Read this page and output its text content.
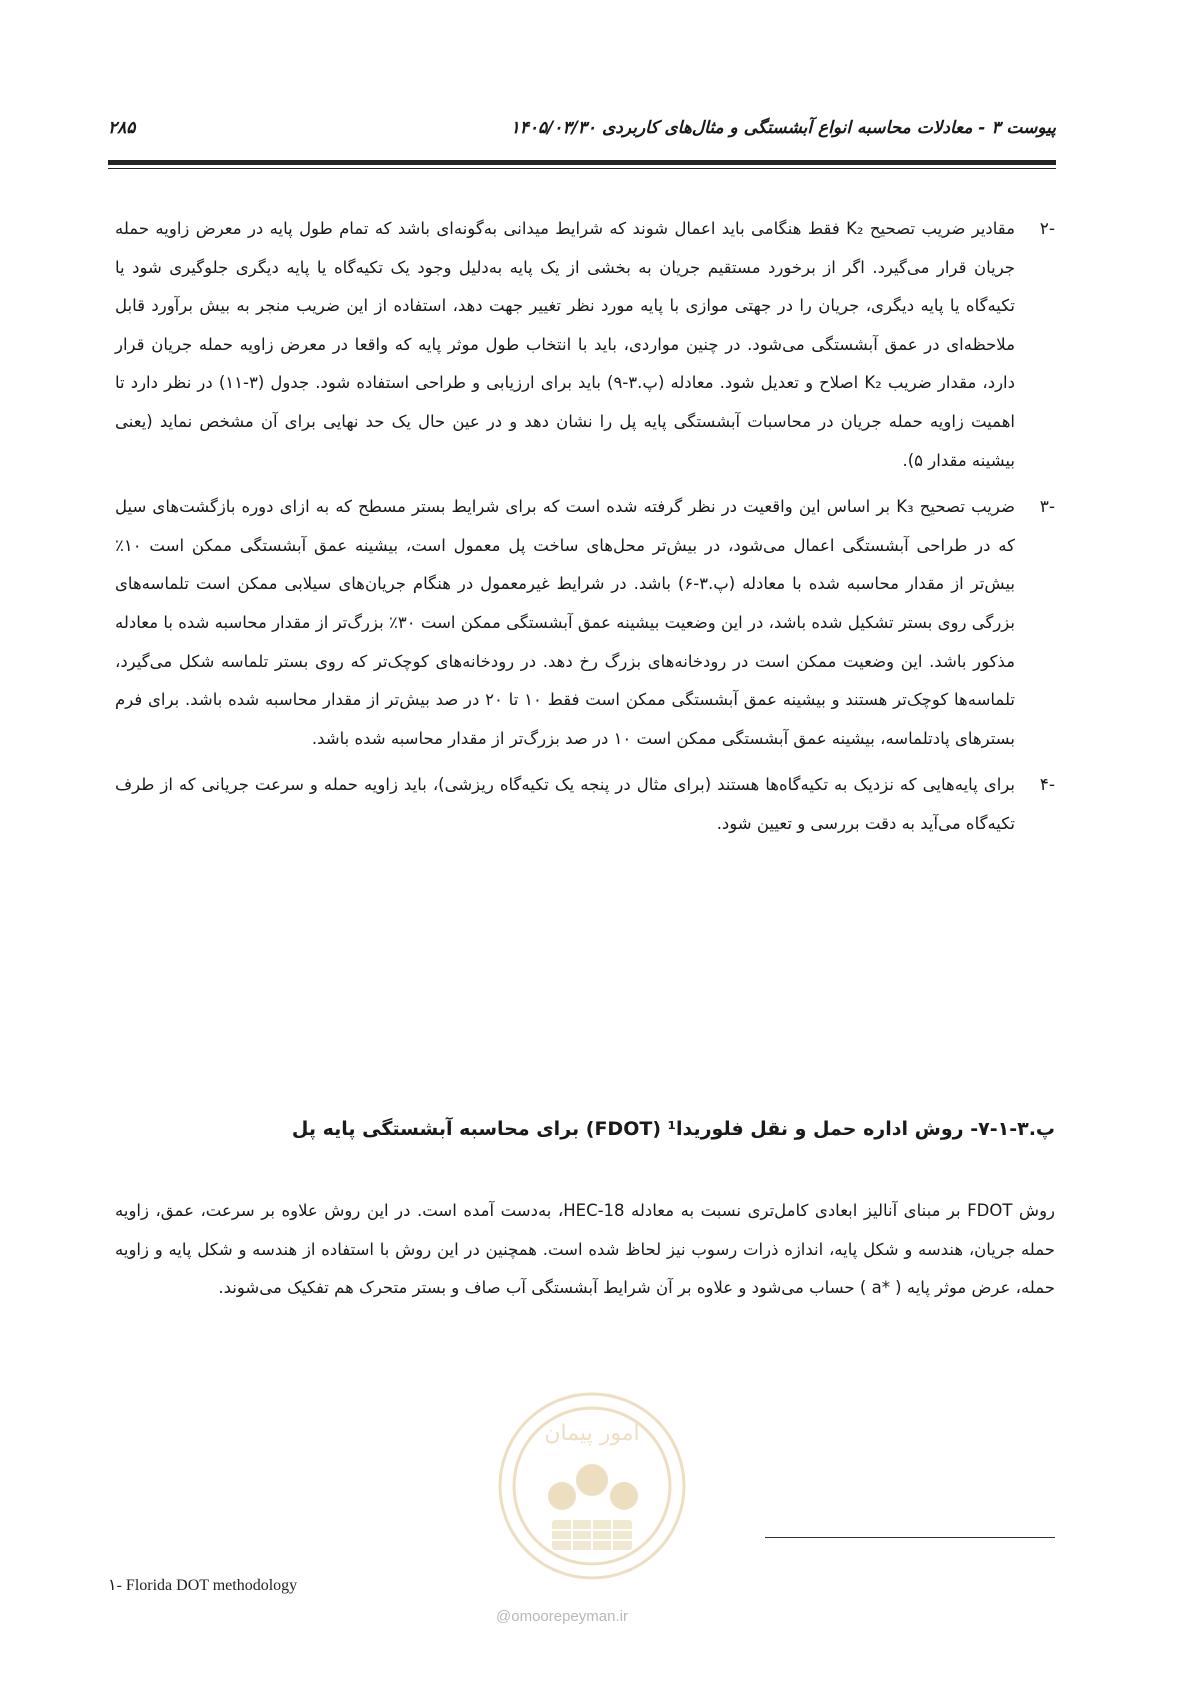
پیوست ۳ - معادلات محاسبه انواع آبشستگی و مثال‌های کاربردی ۱۴۰۵/۰۳/۳۰
۲۸۵
-۲
مقادیر ضریب تصحیح K₂ فقط هنگامی باید اعمال شوند که شرایط میدانی به‌گونه‌ای باشد که تمام طول پایه در معرض زاویه حمله جریان قرار می‌گیرد. اگر از برخورد مستقیم جریان به بخشی از یک پایه به‌دلیل وجود یک تکیه‌گاه یا پایه دیگری جلوگیری شود یا تکیه‌گاه یا پایه دیگری، جریان را در جهتی موازی با پایه مورد نظر تغییر جهت دهد، استفاده از این ضریب منجر به بیش برآورد قابل ملاحظه‌ای در عمق آبشستگی می‌شود. در چنین مواردی، باید با انتخاب طول موثر پایه که واقعا در معرض زاویه حمله جریان قرار دارد، مقدار ضریب K₂ اصلاح و تعدیل شود. معادله (پ.۳-۹) باید برای ارزیابی و طراحی استفاده شود. جدول (۳-۱۱) در نظر دارد تا اهمیت زاویه حمله جریان در محاسبات آبشستگی پایه پل را نشان دهد و در عین حال یک حد نهایی برای آن مشخص نماید (یعنی بیشینه مقدار ۵).
-۳
ضریب تصحیح K₃ بر اساس این واقعیت در نظر گرفته شده است که برای شرایط بستر مسطح که به ازای دوره بازگشت‌های سیل که در طراحی آبشستگی اعمال می‌شود، در بیش‌تر محل‌های ساخت پل معمول است، بیشینه عمق آبشستگی ممکن است ۱۰٪ بیش‌تر از مقدار محاسبه شده با معادله (پ.۳-۶) باشد. در شرایط غیرمعمول در هنگام جریان‌های سیلابی ممکن است تلماسه‌های بزرگی روی بستر تشکیل شده باشد، در این وضعیت بیشینه عمق آبشستگی ممکن است ۳۰٪ بزرگ‌تر از مقدار محاسبه شده با معادله مذکور باشد. این وضعیت ممکن است در رودخانه‌های بزرگ رخ دهد. در رودخانه‌های کوچک‌تر که روی بستر تلماسه شکل می‌گیرد، تلماسه‌ها کوچک‌تر هستند و بیشینه عمق آبشستگی ممکن است فقط ۱۰ تا ۲۰ در صد بیش‌تر از مقدار محاسبه شده باشد. برای فرم بسترهای پادتلماسه، بیشینه عمق آبشستگی ممکن است ۱۰ در صد بزرگ‌تر از مقدار محاسبه شده باشد.
-۴
برای پایه‌هایی که نزدیک به تکیه‌گاه‌ها هستند (برای مثال در پنجه یک تکیه‌گاه ریزشی)، باید زاویه حمله و سرعت جریانی که از طرف تکیه‌گاه می‌آید به دقت بررسی و تعیین شود.
پ.۳-۱-۷- روش اداره حمل و نقل فلوریدا¹ (FDOT) برای محاسبه آبشستگی پایه پل
روش FDOT بر مبنای آنالیز ابعادی کامل‌تری نسبت به معادله HEC-18، به‌دست آمده است. در این روش علاوه بر سرعت، عمق، زاویه حمله جریان، هندسه و شکل پایه، اندازه ذرات رسوب نیز لحاظ شده است. همچنین در این روش با استفاده از هندسه و شکل پایه و زاویه حمله، عرض موثر پایه ( *a ) حساب می‌شود و علاوه بر آن شرایط آبشستگی آب صاف و بستر متحرک هم تفکیک می‌شوند.
امور پیمان
@omoorepeyman.ir
۱- Florida DOT methodology
